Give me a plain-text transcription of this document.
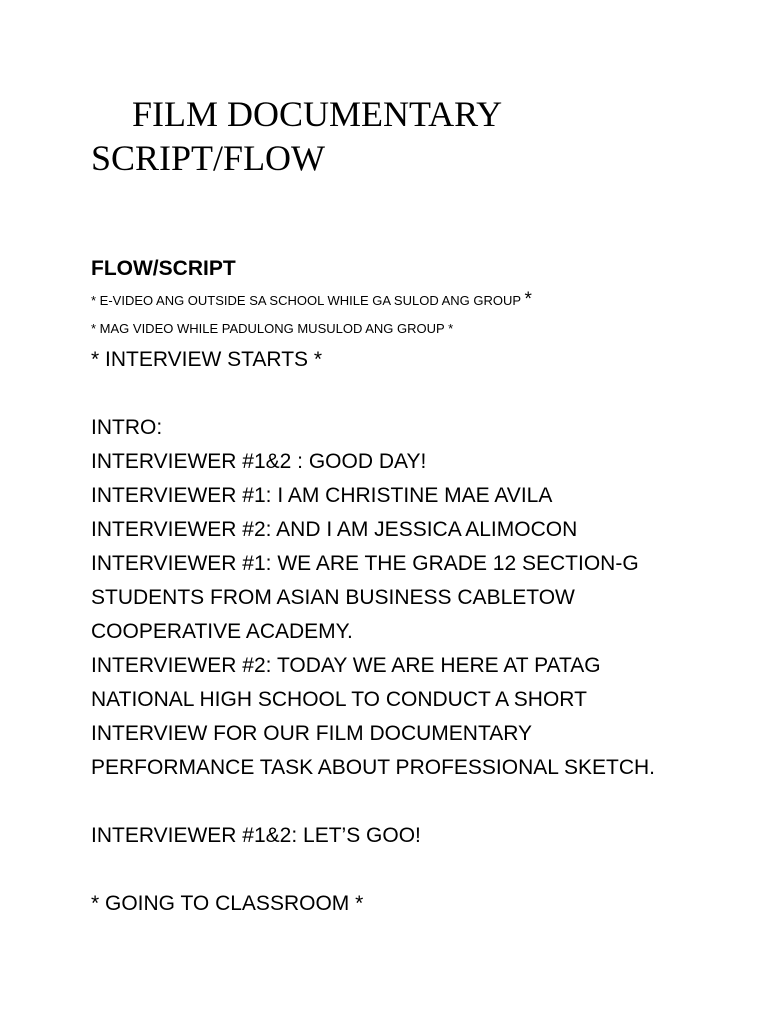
FILM DOCUMENTARY
SCRIPT/FLOW

FLOW/SCRIPT

* E-VIDEO ANG OUTSIDE SA SCHOOL WHILE GA SULOD ANG GROUP *

* MAG VIDEO WHILE PADULONG MUSULOD ANG GROUP *

* INTERVIEW STARTS *

INTRO:

INTERVIEWER #1&2 : GOOD DAY!

INTERVIEWER #1: I AM CHRISTINE MAE AVILA

INTERVIEWER #2: AND I AM JESSICA ALIMOCON

INTERVIEWER #1: WE ARE THE GRADE 12 SECTION-G

STUDENTS FROM ASIAN BUSINESS CABLETOW

COOPERATIVE ACADEMY.

INTERVIEWER #2: TODAY WE ARE HERE AT PATAG

NATIONAL HIGH SCHOOL TO CONDUCT A SHORT

INTERVIEW FOR OUR FILM DOCUMENTARY

PERFORMANCE TASK ABOUT PROFESSIONAL SKETCH.

INTERVIEWER #1&2: LET’S GOO!

* GOING TO CLASSROOM *
